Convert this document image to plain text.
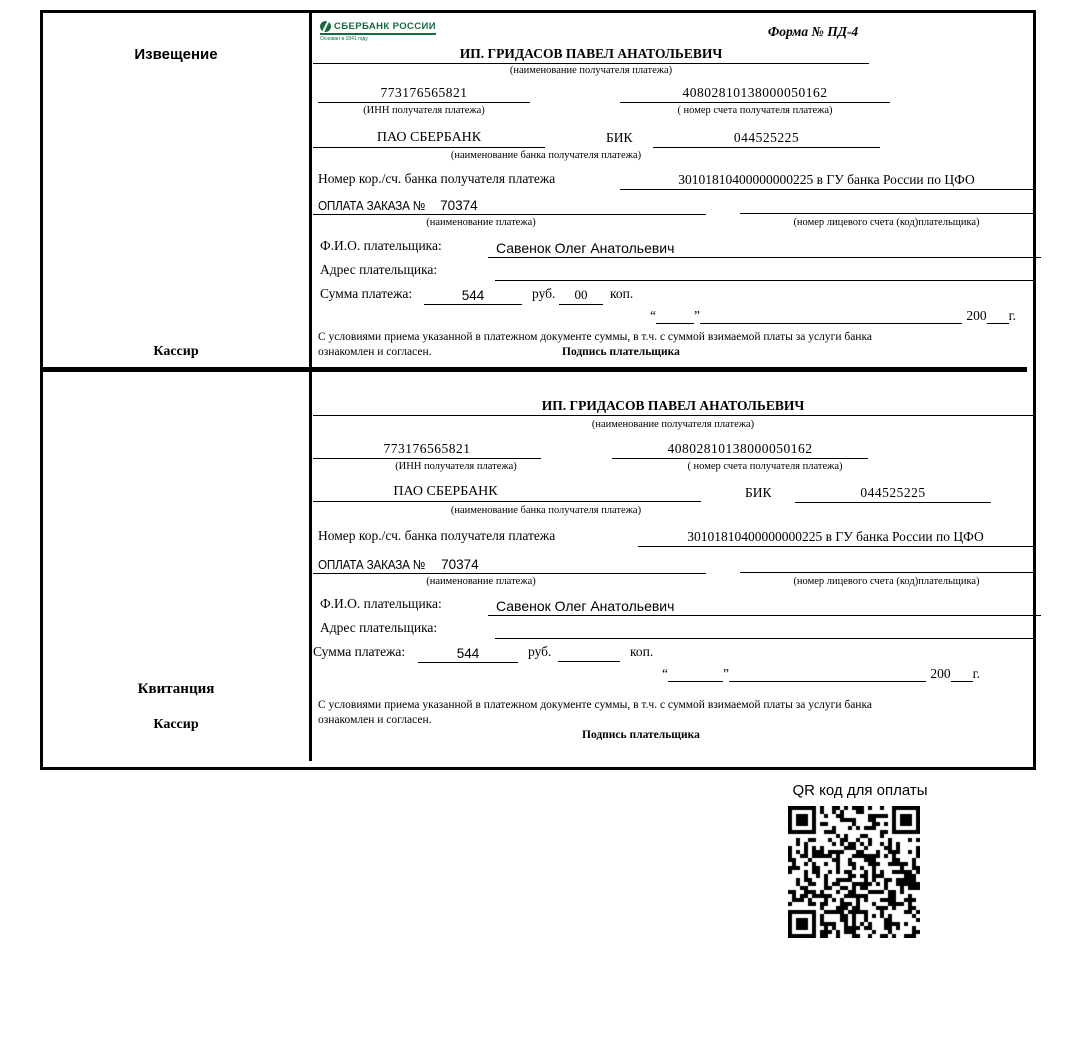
Извещение
Кассир
СБЕРБАНК РОССИИ
Основан в 1841 году	Форма № ПД-4
ИП. ГРИДАСОВ ПАВЕЛ АНАТОЛЬЕВИЧ
(наименование получателя платежа)
773176565821	40802810138000050162
(ИНН получателя платежа)	( номер счета получателя платежа)
ПАО СБЕРБАНК	БИК	044525225
(наименование банка получателя платежа)
Номер кор./сч. банка получателя платежа	30101810400000000225 в ГУ банка России по ЦФО
ОПЛАТА ЗАКАЗА № 70374
(наименование платежа)	(номер лицевого счета (код)плательщика)
Ф.И.О. плательщика:	Савенок Олег Анатольевич
Адрес плательщика:
Сумма платежа:	544	руб. 00 коп.
“	”	200 г.
С условиями приема указанной в платежном документе суммы, в т.ч. с суммой взимаемой платы за услуги банка
ознакомлен и согласен.	Подпись плательщика
Квитанция
Кассир
ИП. ГРИДАСОВ ПАВЕЛ АНАТОЛЬЕВИЧ
(наименование получателя платежа)
773176565821	40802810138000050162
(ИНН получателя платежа)	( номер счета получателя платежа)
ПАО СБЕРБАНК	БИК	044525225
(наименование банка получателя платежа)
Номер кор./сч. банка получателя платежа	30101810400000000225 в ГУ банка России по ЦФО
ОПЛАТА ЗАКАЗА № 70374
(наименование платежа)	(номер лицевого счета (код)плательщика)
Ф.И.О. плательщика:	Савенок Олег Анатольевич
Адрес плательщика:
Сумма платежа:	544	руб.	коп.
“	”	200 г.
С условиями приема указанной в платежном документе суммы, в т.ч. с суммой взимаемой платы за услуги банка
ознакомлен и согласен.
Подпись плательщика
QR код для оплаты
